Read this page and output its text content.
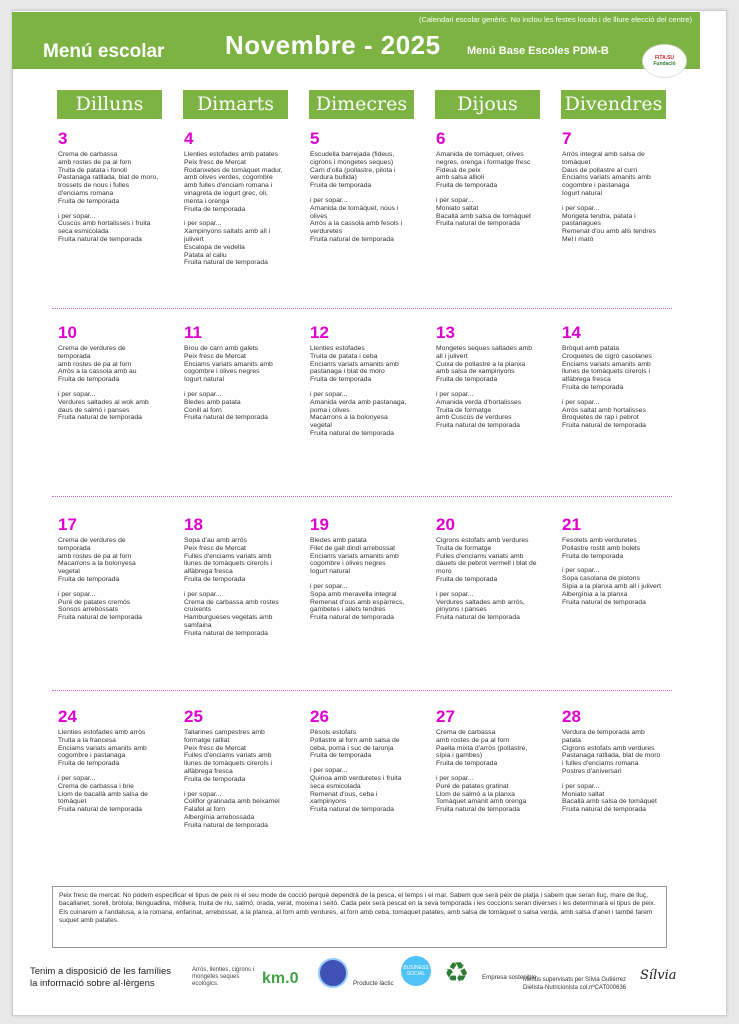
(Calendari escolar genèric. No inclou les festes locals i de lliure elecció del centre)
Menú escolar Novembre - 2025 Menú Base Escoles PDM-B
FITA.SU
Fundació
Dilluns	Dimarts	Dimecres	Dijous	Divendres
3
Crema de carbassa
amb rostes de pa al forn
Truita de patata i fonoll
Pastanaga ratllada, blat de moro,
trossets de nous i fulles
d'enciams romana
Fruita de temporada
i per sopar...
Cuscús amb hortalisses i fruita
seca esmicolada
Fruita natural de temporada
4
Llenties estofades amb patates
Peix fresc de Mercat
Rodanxetes de tomàquet madur,
amb olives verdes, cogombre
amb fulles d'enciam romana i
vinagreta de iogurt grec, oli,
menta i orenga
Fruita de temporada
i per sopar...
Xampinyons saltats amb all i
julivert
Escalopa de vedella
Patata al caliu
Fruita natural de temporada
5
Escudella barrejada (fideus,
cigrons i mongetes seques)
Carn d'olla (pollastre, pilota i
verdura bullida)
Fruita de temporada
i per sopar...
Amanida de tomàquet, nous i
olives
Arròs a la cassola amb fesols i
verduretes
Fruita natural de temporada
6
Amanida de tomàquet, olives
negres, orenga i formatge fresc
Fideuà de peix
amb salsa allioli
Fruita de temporada
i per sopar...
Moniato saltat
Bacallà amb salsa de tomàquet
Fruita natural de temporada
7
Arròs integral amb salsa de
tomàquet
Daus de pollastre al curri
Enciams variats amanits amb
cogombre i pastanaga
Iogurt natural
i per sopar...
Mongeta tendra, patata i
pastanagues
Remenat d'ou amb alls tendres
Mel i mató
10
Crema de verdures de
temporada
amb rostes de pa al forn
Arròs a la cassola amb au
Fruita de temporada
i per sopar...
Verdures saltades al wok amb
daus de salmó i panses
Fruita natural de temporada
11
Brou de carn amb galets
Peix fresc de Mercat
Enciams variats amanits amb
cogombre i olives negres
Iogurt natural
i per sopar...
Bledes amb patata
Conill al forn
Fruita natural de temporada
12
Llenties estofades
Truita de patata i ceba
Enciams variats amanits amb
pastanaga i blat de moro
Fruita de temporada
i per sopar...
Amanida verda amb pastanaga,
poma i olives
Macarrons a la bolonyesa
vegetal
Fruita natural de temporada
13
Mongetes seques saltades amb
all i julivert
Cuixa de pollastre a la planxa
amb salsa de xampinyons
Fruita de temporada
i per sopar...
Amanida verda d'hortalisses
Truita de formatge
amb Cuscús de verdures
Fruita natural de temporada
14
Bròquil amb patata
Croquetes de cigró casolanes
Enciams variats amanits amb
llunes de tomàquets cirerols i
alfàbrega fresca
Fruita de temporada
i per sopar...
Arròs saltat amb hortalisses
Broquetes de rap i pebrot
Fruita natural de temporada
17
Crema de verdures de
temporada
amb rostes de pa al forn
Macarrons a la bolonyesa
vegetal
Fruita de temporada
i per sopar...
Puré de patates cremós
Sonsos arrebossats
Fruita natural de temporada
18
Sopa d'au amb arròs
Peix fresc de Mercat
Fulles d'enciams variats amb
llunes de tomàquets cirerols i
alfàbrega fresca
Fruita de temporada
i per sopar...
Crema de carbassa amb rostes
cruixents
Hamburgueses vegetals amb
samfaina
Fruita natural de temporada
19
Bledes amb patata
Filet de gall dindi arrebossat
Enciams variats amanits amb
cogombre i olives negres
Iogurt natural
i per sopar...
Sopa amb meravella integral
Remenat d'ous amb espàrrecs,
gambetes i allets tendres
Fruita natural de temporada
20
Cigrons estofats amb verdures
Truita de formatge
Fulles d'enciams variats amb
dauets de pebrot vermell i blat de
moro
Fruita de temporada
i per sopar...
Verdures saltades amb arròs,
pinyons i panses
Fruita natural de temporada
21
Fesolets amb verduretes
Pollastre rostit amb bolets
Fruita de temporada
i per sopar...
Sopa casolana de pistons
Sípia a la planxa amb all i julivert
Albergínia a la planxa
Fruita natural de temporada
24
Llenties estofades amb arròs
Truita a la francesa
Enciams variats amanits amb
cogombre i pastanaga
Fruita de temporada
i per sopar...
Crema de carbassa i brie
Llom de bacallà amb salsa de
tomàquet
Fruita natural de temporada
25
Tallarines campestres amb
formatge ratllat
Peix fresc de Mercat
Fulles d'enciams variats amb
llunes de tomàquets cirerols i
alfàbrega fresca
Fruita de temporada
i per sopar...
Coliflor gratinada amb beixamel
Falafel al forn
Albergínia arrebossada
Fruita natural de temporada
26
Pèsols estofats
Pollastre al forn amb salsa de
ceba, poma i suc de taronja
Fruita de temporada
i per sopar...
Quinoa amb verduretes i fruita
seca esmicolada
Remenat d'ous, ceba i
xampinyons
Fruita natural de temporada
27
Crema de carbassa
amb rostes de pa al forn
Paella mixta d'arròs (pollastre,
sípia i gambes)
Fruita de temporada
i per sopar...
Puré de patates gratinat
Llom de salmó a la planxa
Tomàquet amanit amb orenga
Fruita natural de temporada
28
Verdura de temporada amb
patata
Cigrons estofats amb verdures
Pastanaga ratllada, blat de moro
i fulles d'enciams romana
Postres d'aniversari
i per sopar...
Moniato saltat
Bacallà amb salsa de tomàquet
Fruita natural de temporada
Peix fresc de mercat: No podem especificar el tipus de peix ni el seu mode de cocció perquè dependrà de la pesca, el temps i el mar. Sabem que serà peix de platja i sabem que seran lluç, mare de lluç, bacallanet, sorell, bròtola, llenguadina, mòllera, truita de riu, salmó, orada, verat, moixina i seitó. Cada peix serà pescat en la seva temporada i les coccions seran diverses i les determinarà el tipus de peix. Els cuinarem a l'andalusa, a la romana, enfarinat, arrebossat, a la planxa, al forn amb verdures, al forn amb ceba, tomàquet patates, amb salsa de tomàquet o salsa verda, amb salsa d'anet i també farem suquet amb patates.
Tenim a disposició de les famílies
la informació sobre al·lèrgens
Arròs, llenties, cigrons i mongetes seques ecològics.	km.0	Producte làctic
BUSINESS SOCIAL ♻ Empresa sostenible
Menús supervisats per Sílvia Gutiérrez
Dietista-Nutricionista col.nºCAT000636
Sílvia
